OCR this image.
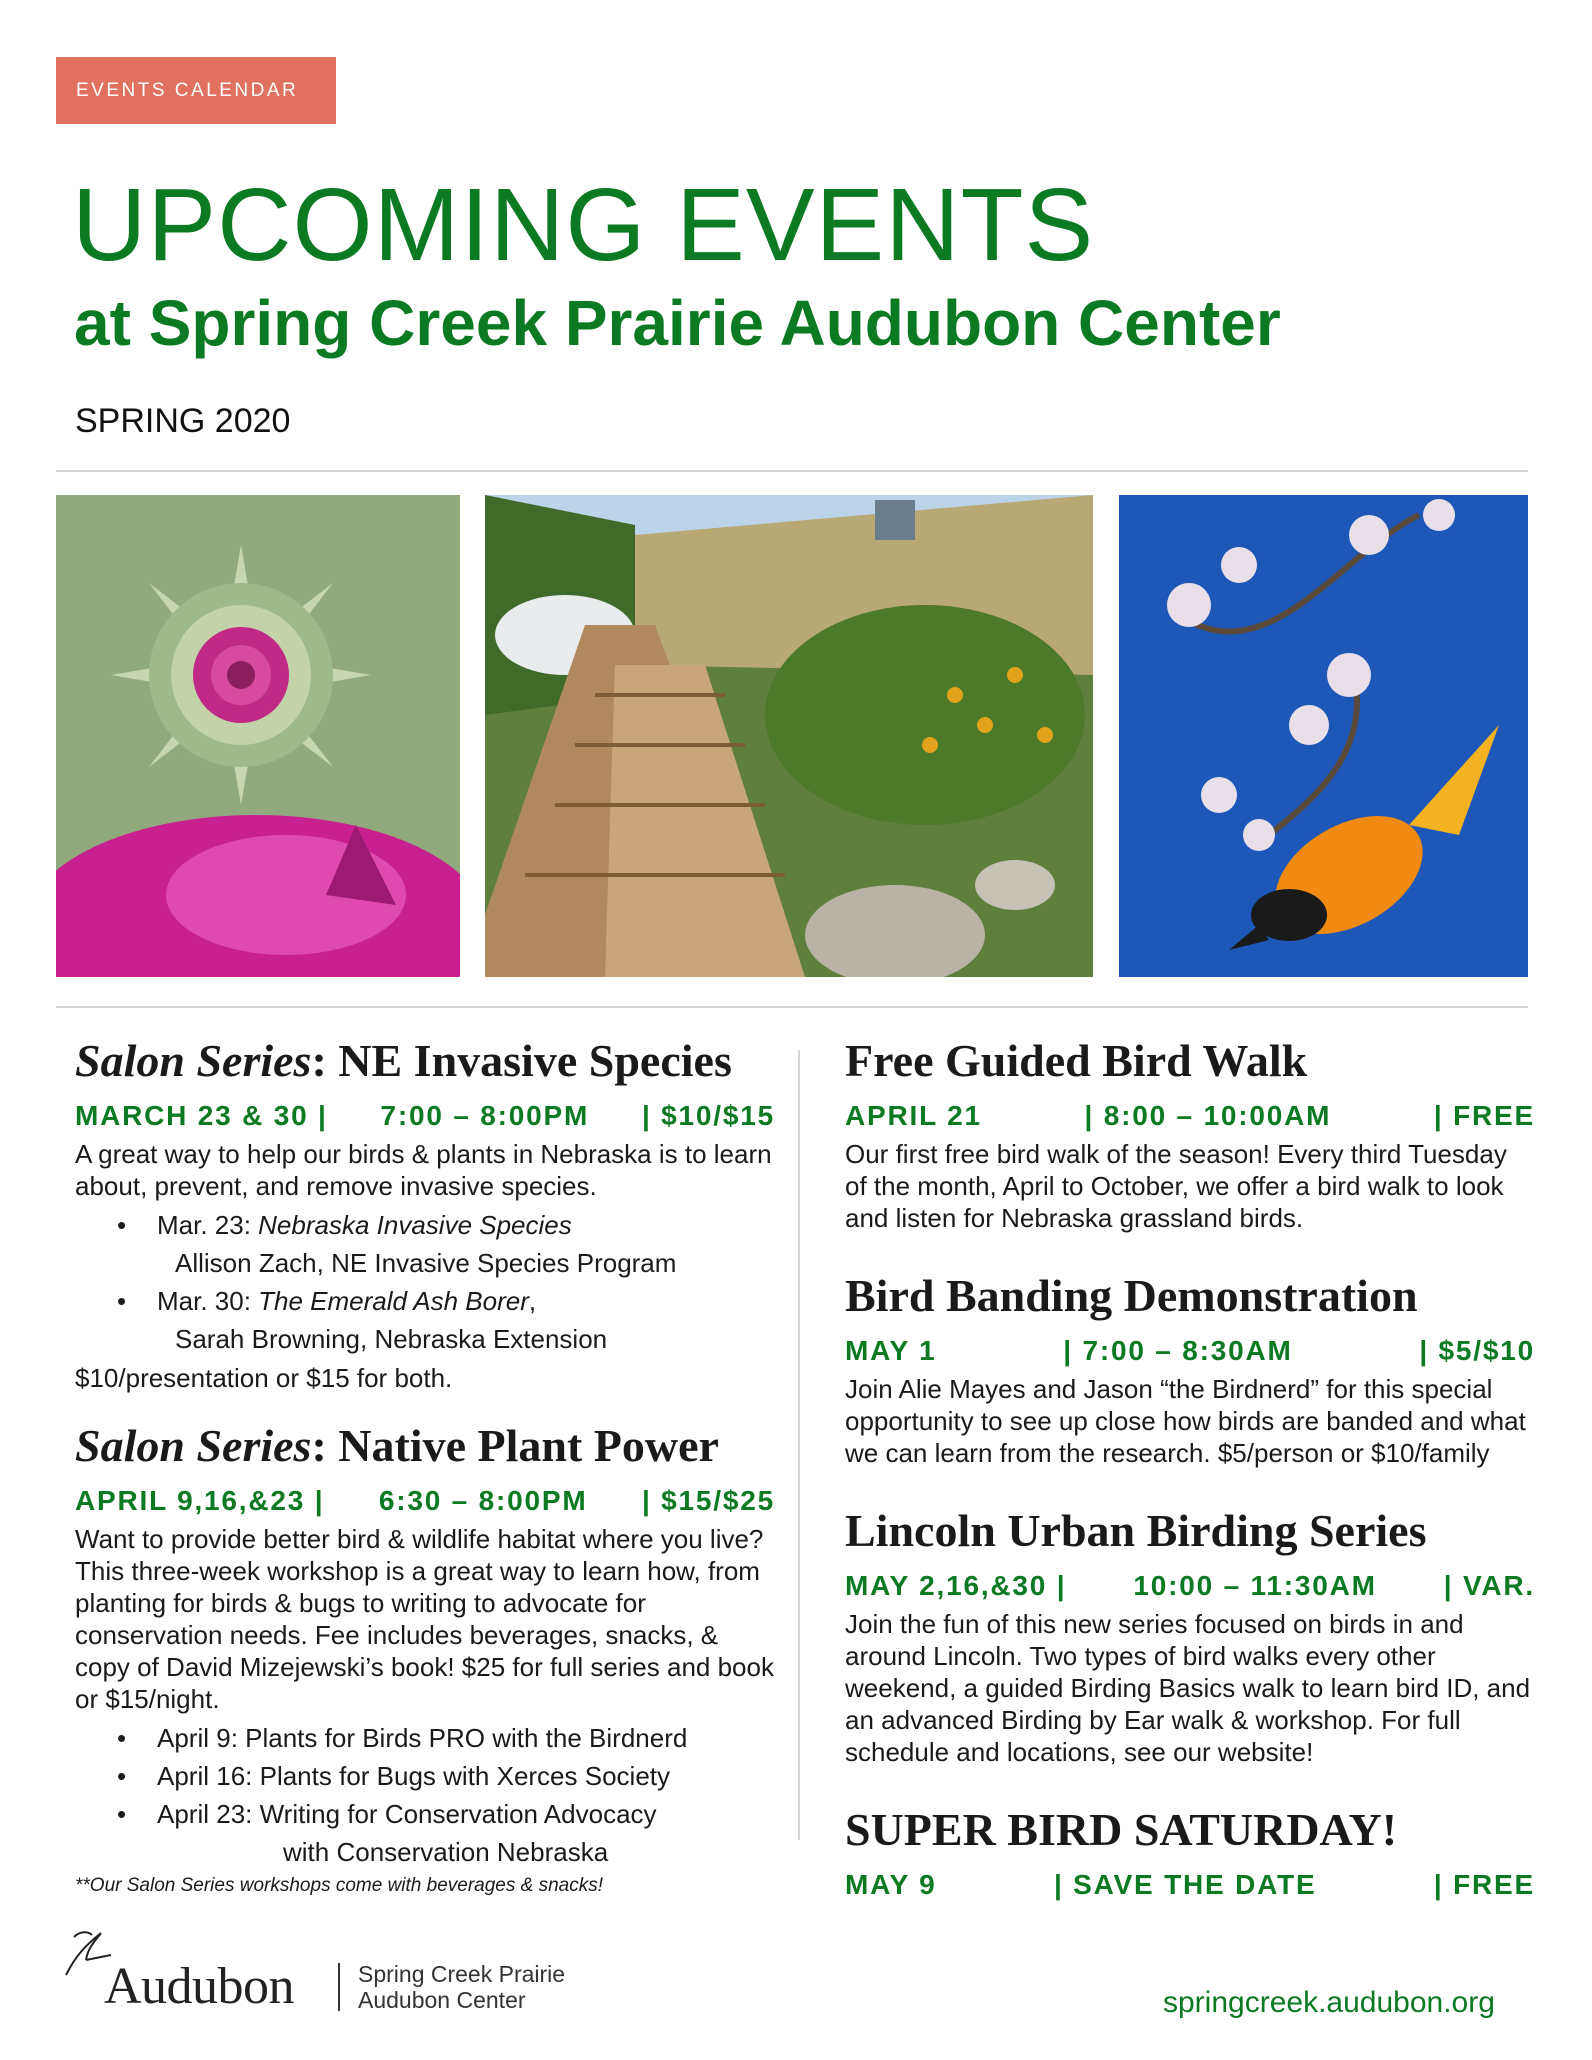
EVENTS CALENDAR
UPCOMING EVENTS
at Spring Creek Prairie Audubon Center
SPRING 2020
Salon Series: NE Invasive Species
MARCH 23 & 30 | 7:00 – 8:00PM | $10/$15

A great way to help our birds & plants in Nebraska is to learn about, prevent, and remove invasive species.

• Mar. 23: Nebraska Invasive Species
Allison Zach, NE Invasive Species Program
• Mar. 30: The Emerald Ash Borer,
Sarah Browning, Nebraska Extension

$10/presentation or $15 for both.

Salon Series: Native Plant Power
APRIL 9,16,&23 | 6:30 – 8:00PM | $15/$25

Want to provide better bird & wildlife habitat where you live? This three-week workshop is a great way to learn how, from planting for birds & bugs to writing to advocate for conservation needs. Fee includes beverages, snacks, & copy of David Mizejewski’s book! $25 for full series and book or $15/night.

• April 9: Plants for Birds PRO with the Birdnerd
• April 16: Plants for Bugs with Xerces Society
• April 23: Writing for Conservation Advocacy
with Conservation Nebraska
**Our Salon Series workshops come with beverages & snacks!
Free Guided Bird Walk
APRIL 21	| 8:00 – 10:00AM	| FREE

Our first free bird walk of the season! Every third Tuesday of the month, April to October, we offer a bird walk to look and listen for Nebraska grassland birds.

Bird Banding Demonstration
MAY 1	| 7:00 – 8:30AM	| $5/$10

Join Alie Mayes and Jason “the Birdnerd” for this special opportunity to see up close how birds are banded and what we can learn from the research. $5/person or $10/family

Lincoln Urban Birding Series
MAY 2,16,&30 | 10:00 – 11:30AM | VAR.

Join the fun of this new series focused on birds in and around Lincoln. Two types of bird walks every other weekend, a guided Birding Basics walk to learn bird ID, and an advanced Birding by Ear walk & workshop. For full schedule and locations, see our website!

SUPER BIRD SATURDAY!
MAY 9	| SAVE THE DATE	| FREE
Audubon	Spring Creek Prairie
Audubon Center	springcreek.audubon.org
